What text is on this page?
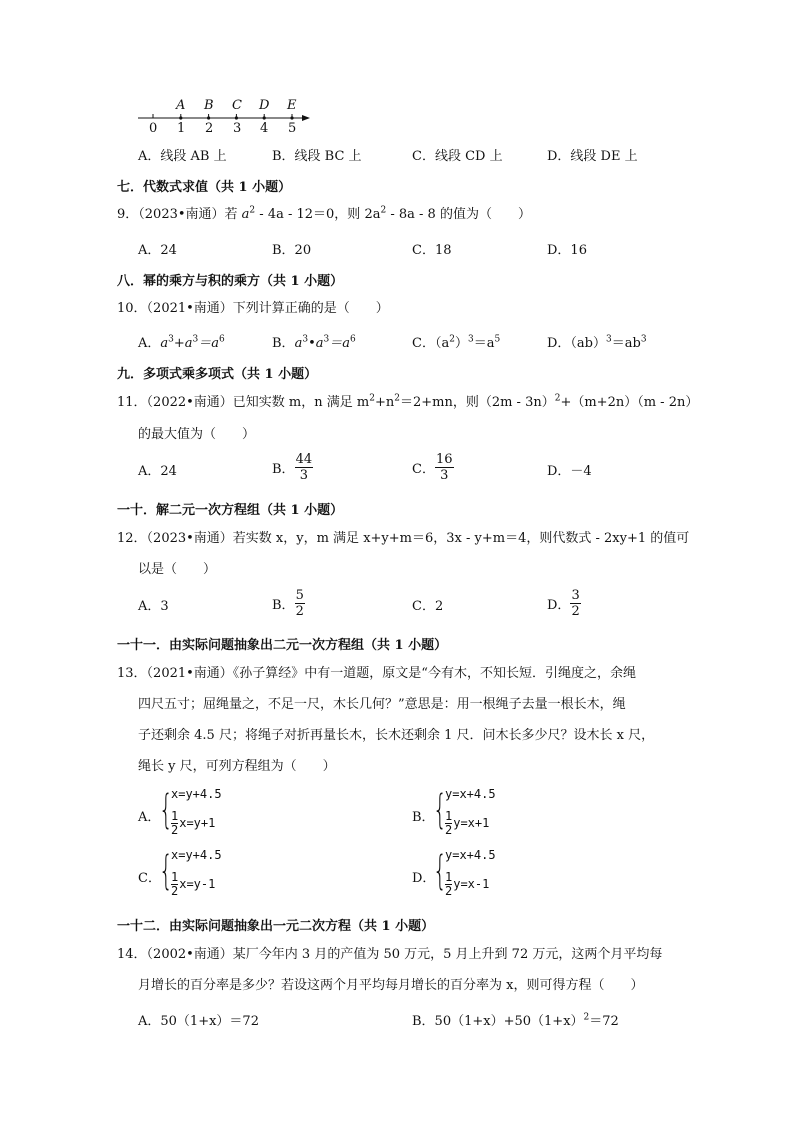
A B C D E
0 1 2 3 4 5
A．线段 AB 上	B．线段 BC 上	C．线段 CD 上	D．线段 DE 上
七．代数式求值（共 1 小题）
9．（2023•南通）若 $a^2 - 4a - 12=0$，则 $2a^2 - 8a - 8$ 的值为（　　）
A．24	B．20	C．18	D．16
八．幂的乘方与积的乘方（共 1 小题）
10．（2021•南通）下列计算正确的是（　　）
A．$a^3+a^3=a^6$	B．$a^3•a^3=a^6$	C．$(a^2)^3=a^5$	D．$(ab)^3=ab^3$
九．多项式乘多项式（共 1 小题）
11．（2022•南通）已知实数 m，n 满足 $m^2+n^2=2+mn$，则（2m - 3n）$^2$+（m+2n）（m - 2n）
的最大值为（　　）
A．24	B． $\frac{44}{3}$	C． $\frac{16}{3}$	D．－4
一十．解二元一次方程组（共 1 小题）
12．（2023•南通）若实数 x，y，m 满足 x+y+m＝6，3x - y+m＝4，则代数式 - 2xy+1 的值可
以是（　　）
A．3	B． $\frac{5}{2}$	C．2	D． $\frac{3}{2}$
一十一．由实际问题抽象出二元一次方程组（共 1 小题）
13．（2021•南通）《孙子算经》中有一道题，原文是“今有木，不知长短．引绳度之，余绳
四尺五寸；屈绳量之，不足一尺，木长几何？”意思是：用一根绳子去量一根长木，绳
子还剩余 4.5 尺；将绳子对折再量长木，长木还剩余 1 尺．问木长多少尺？设木长 x 尺，
绳长 y 尺，可列方程组为（　　）
A．
{
x=y+4.5
$\frac{1}{2}x=y+1$	B．
{
y=x+4.5
$\frac{1}{2}y=x+1$
C．
{
x=y+4.5
$\frac{1}{2}x=y-1$	D．
{
y=x+4.5
$\frac{1}{2}y=x-1$
一十二．由实际问题抽象出一元二次方程（共 1 小题）
14．（2002•南通）某厂今年内 3 月的产值为 50 万元，5 月上升到 72 万元，这两个月平均每
月增长的百分率是多少？若设这两个月平均每月增长的百分率为 x，则可得方程（　　）
A．50（1+x）＝72	B．$50(1+x)+50(1+x)^2=72$
